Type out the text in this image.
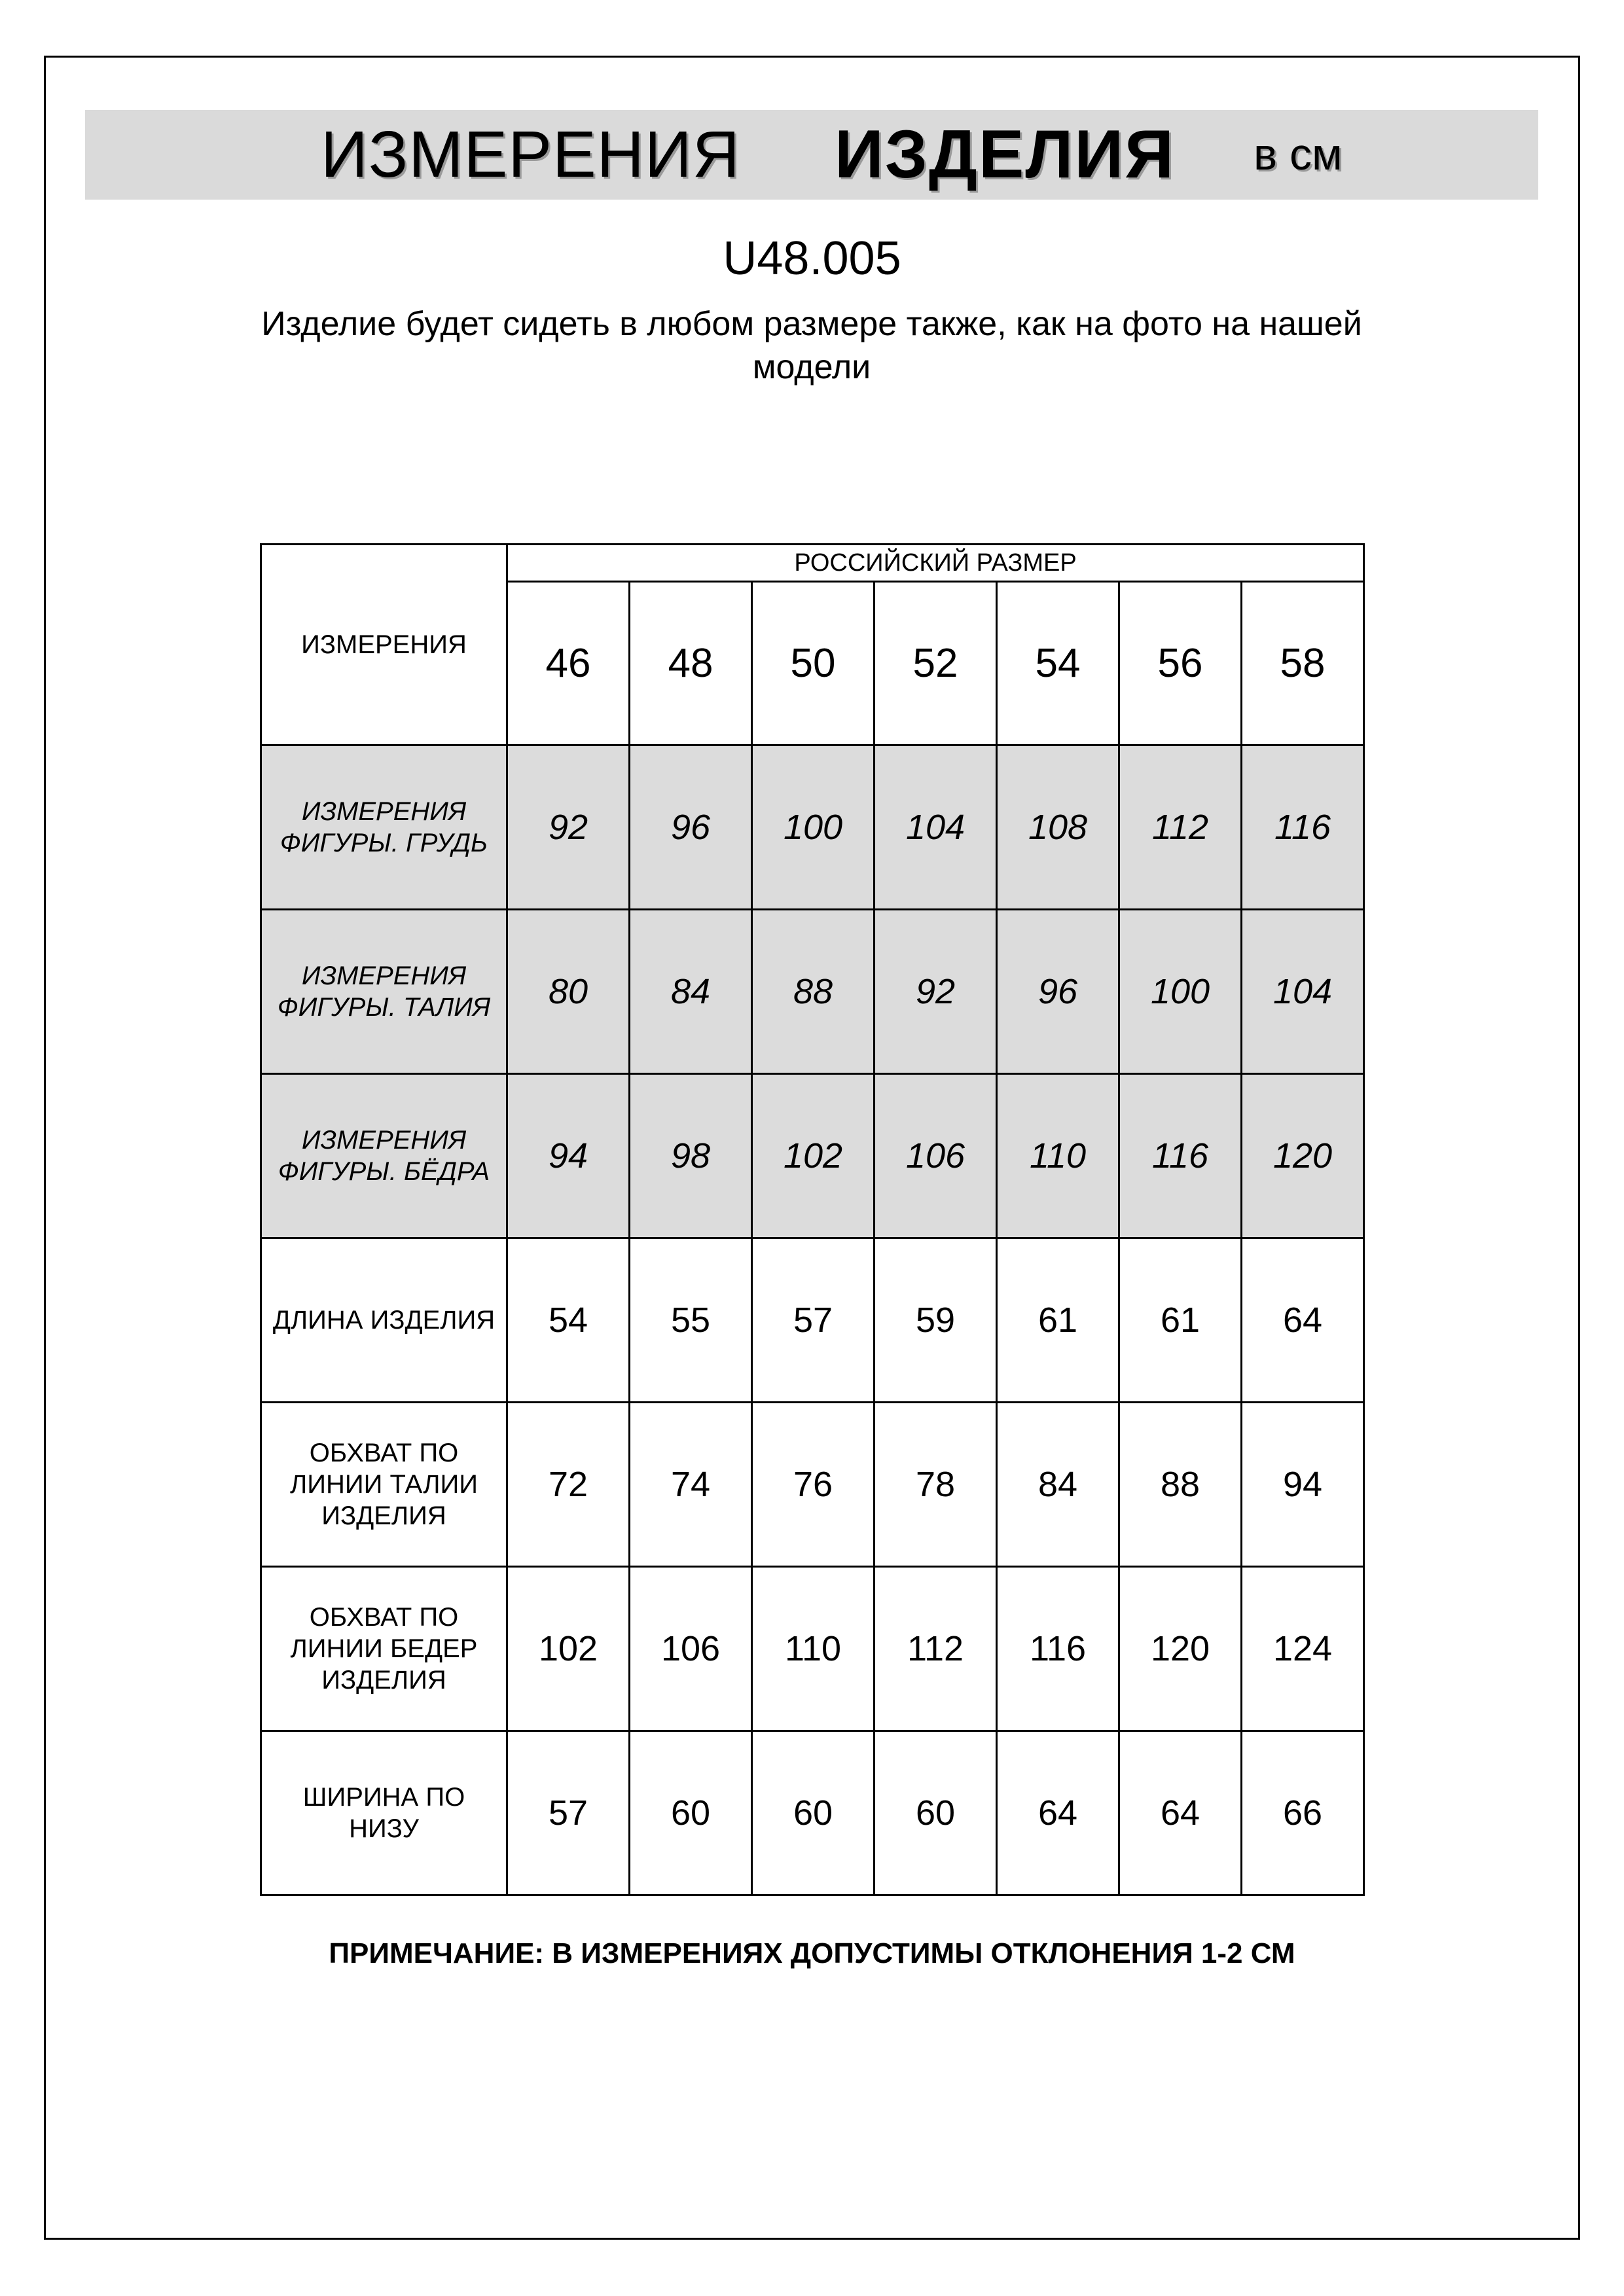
ИЗМЕРЕНИЯ ИЗДЕЛИЯ в см
U48.005
Изделие будет сидеть в любом размере также, как на фото на нашей модели
ИЗМЕРЕНИЯ	РОССИЙСКИЙ РАЗМЕР						
	46	48	50	52	54	56	58
ИЗМЕРЕНИЯ ФИГУРЫ. ГРУДЬ	92	96	100	104	108	112	116
ИЗМЕРЕНИЯ ФИГУРЫ. ТАЛИЯ	80	84	88	92	96	100	104
ИЗМЕРЕНИЯ ФИГУРЫ. БЁДРА	94	98	102	106	110	116	120
ДЛИНА ИЗДЕЛИЯ	54	55	57	59	61	61	64
ОБХВАТ ПО ЛИНИИ ТАЛИИ ИЗДЕЛИЯ	72	74	76	78	84	88	94
ОБХВАТ ПО ЛИНИИ БЕДЕР ИЗДЕЛИЯ	102	106	110	112	116	120	124
ШИРИНА ПО НИЗУ	57	60	60	60	64	64	66
ПРИМЕЧАНИЕ: В ИЗМЕРЕНИЯХ ДОПУСТИМЫ ОТКЛОНЕНИЯ 1-2 СМ
